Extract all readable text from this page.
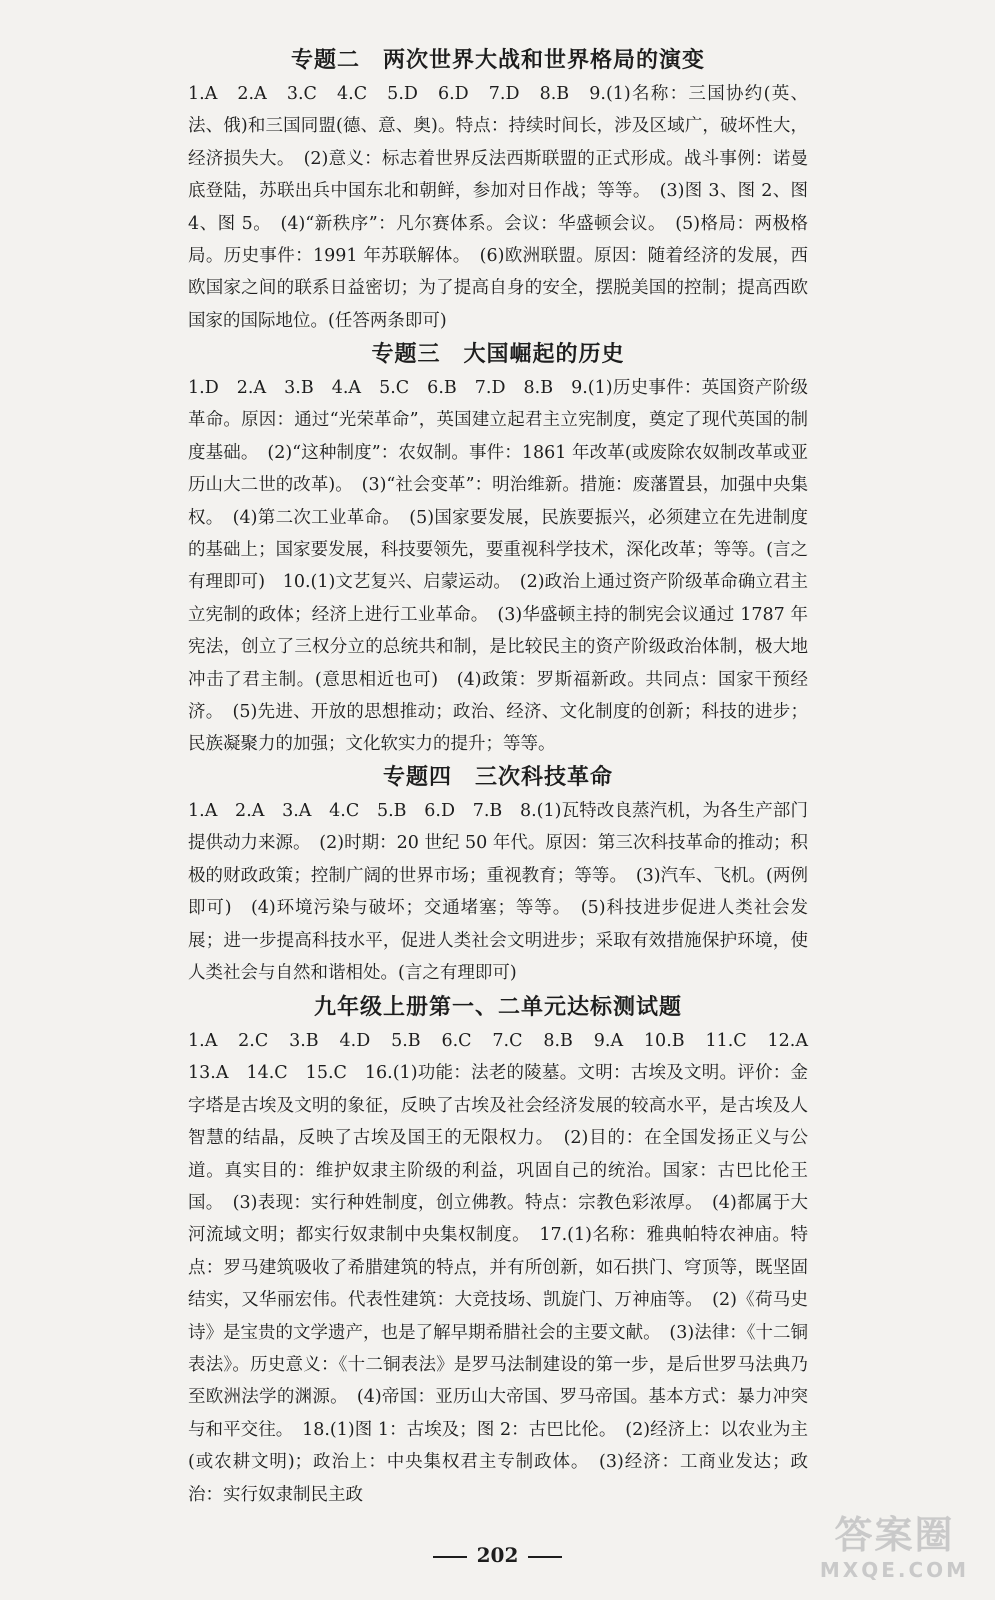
专题二　两次世界大战和世界格局的演变

1.A　2.A　3.C　4.C　5.D　6.D　7.D　8.B　9.(1)名称：三国协约(英、法、俄)和三国同盟(德、意、奥)。特点：持续时间长，涉及区域广，破坏性大，经济损失大。　(2)意义：标志着世界反法西斯联盟的正式形成。战斗事例：诺曼底登陆，苏联出兵中国东北和朝鲜，参加对日作战；等等。　(3)图 3、图 2、图 4、图 5。　(4)“新秩序”：凡尔赛体系。会议：华盛顿会议。　(5)格局：两极格局。历史事件：1991 年苏联解体。　(6)欧洲联盟。原因：随着经济的发展，西欧国家之间的联系日益密切；为了提高自身的安全，摆脱美国的控制；提高西欧国家的国际地位。(任答两条即可)

专题三　大国崛起的历史

1.D　2.A　3.B　4.A　5.C　6.B　7.D　8.B　9.(1)历史事件：英国资产阶级革命。原因：通过“光荣革命”，英国建立起君主立宪制度，奠定了现代英国的制度基础。　(2)“这种制度”：农奴制。事件：1861 年改革(或废除农奴制改革或亚历山大二世的改革)。　(3)“社会变革”：明治维新。措施：废藩置县，加强中央集权。　(4)第二次工业革命。　(5)国家要发展，民族要振兴，必须建立在先进制度的基础上；国家要发展，科技要领先，要重视科学技术，深化改革；等等。(言之有理即可)　10.(1)文艺复兴、启蒙运动。　(2)政治上通过资产阶级革命确立君主立宪制的政体；经济上进行工业革命。　(3)华盛顿主持的制宪会议通过 1787 年宪法，创立了三权分立的总统共和制，是比较民主的资产阶级政治体制，极大地冲击了君主制。(意思相近也可)　(4)政策：罗斯福新政。共同点：国家干预经济。　(5)先进、开放的思想推动；政治、经济、文化制度的创新；科技的进步；民族凝聚力的加强；文化软实力的提升；等等。

专题四　三次科技革命

1.A　2.A　3.A　4.C　5.B　6.D　7.B　8.(1)瓦特改良蒸汽机，为各生产部门提供动力来源。　(2)时期：20 世纪 50 年代。原因：第三次科技革命的推动；积极的财政政策；控制广阔的世界市场；重视教育；等等。　(3)汽车、飞机。(两例即可)　(4)环境污染与破坏；交通堵塞；等等。　(5)科技进步促进人类社会发展；进一步提高科技水平，促进人类社会文明进步；采取有效措施保护环境，使人类社会与自然和谐相处。(言之有理即可)

九年级上册第一、二单元达标测试题

1.A　2.C　3.B　4.D　5.B　6.C　7.C　8.B　9.A　10.B　11.C　12.A　13.A　14.C　15.C　16.(1)功能：法老的陵墓。文明：古埃及文明。评价：金字塔是古埃及文明的象征，反映了古埃及社会经济发展的较高水平，是古埃及人智慧的结晶，反映了古埃及国王的无限权力。　(2)目的：在全国发扬正义与公道。真实目的：维护奴隶主阶级的利益，巩固自己的统治。国家：古巴比伦王国。　(3)表现：实行种姓制度，创立佛教。特点：宗教色彩浓厚。　(4)都属于大河流域文明；都实行奴隶制中央集权制度。　17.(1)名称：雅典帕特农神庙。特点：罗马建筑吸收了希腊建筑的特点，并有所创新，如石拱门、穹顶等，既坚固结实，又华丽宏伟。代表性建筑：大竞技场、凯旋门、万神庙等。　(2)《荷马史诗》是宝贵的文学遗产，也是了解早期希腊社会的主要文献。　(3)法律：《十二铜表法》。历史意义：《十二铜表法》是罗马法制建设的第一步，是后世罗马法典乃至欧洲法学的渊源。　(4)帝国：亚历山大帝国、罗马帝国。基本方式：暴力冲突与和平交往。　18.(1)图 1：古埃及；图 2：古巴比伦。　(2)经济上：以农业为主(或农耕文明)；政治上：中央集权君主专制政体。　(3)经济：工商业发达；政治：实行奴隶制民主政

202	答案圈
MXQE.COM
